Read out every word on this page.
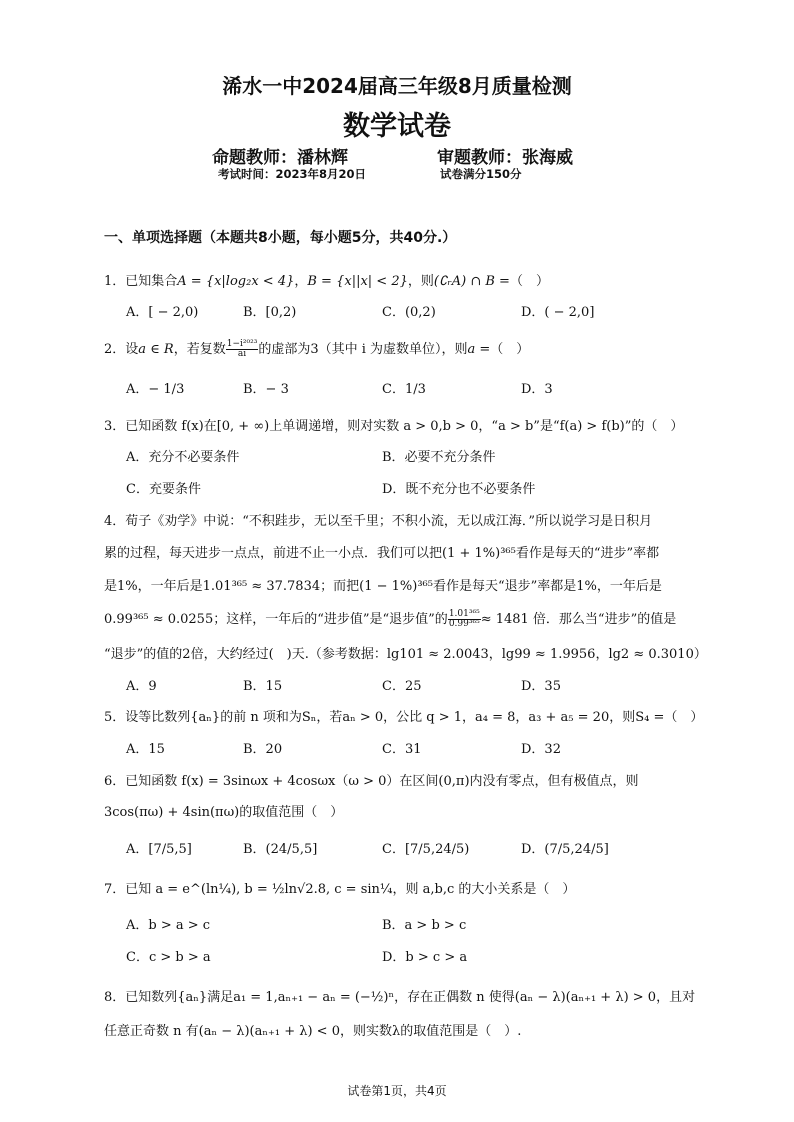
浠水一中2024届高三年级8月质量检测
数学试卷
命题教师：潘林辉	审题教师：张海威
考试时间：2023年8月20日	试卷满分150分
一、单项选择题（本题共8小题，每小题5分，共40分.）
1．已知集合A = {x|log₂x < 4}，B = {x||x| < 2}，则(∁ᵣA) ∩ B =（　）
A．[ − 2,0)	B．[0,2)	C．(0,2)	D．( − 2,0]
2．设a ∈ R，若复数 $\frac{\text{1−i²⁰²³}}{ai}$ 的虚部为3（其中 i 为虚数单位），则a =（　）
A．− 1/3	B．− 3	C．1/3	D．3
3．已知函数 f(x)在[0, + ∞)上单调递增，则对实数 a > 0,b > 0，“a > b”是“f(a) > f(b)”的（　）
A．充分不必要条件	B．必要不充分条件
C．充要条件	D．既不充分也不必要条件
4．荀子《劝学》中说：“不积跬步，无以至千里；不积小流，无以成江海．”所以说学习是日积月
累的过程，每天进步一点点，前进不止一小点．我们可以把(1 + 1%)³⁶⁵看作是每天的“进步”率都
是1%，一年后是1.01³⁶⁵ ≈ 37.7834；而把(1 − 1%)³⁶⁵看作是每天“退步”率都是1%，一年后是
0.99³⁶⁵ ≈ 0.0255；这样，一年后的“进步值”是“退步值”的 $\frac{\text{1.01³⁶⁵}}{\text{0.99³⁶⁵}} \approx 1481$ 倍．那么当“进步”的值是
“退步”的值的2倍，大约经过(　)天.（参考数据：lg101 ≈ 2.0043，lg99 ≈ 1.9956，lg2 ≈ 0.3010）
A．9	B．15	C．25	D．35
5．设等比数列{aₙ}的前 n 项和为Sₙ，若aₙ > 0，公比 q > 1，a₄ = 8，a₃ + a₅ = 20，则S₄ =（　）
A．15	B．20	C．31	D．32
6．已知函数 f(x) = 3sinωx + 4cosωx（ω > 0）在区间(0,π)内没有零点，但有极值点，则
3cos(πω) + 4sin(πω)的取值范围（　）
A．[7/5,5]	B．(24/5,5]	C．[7/5,24/5)	D．(7/5,24/5]
7．已知 a = e^(ln¼), b = ½ln√2.8, c = sin¼，则 a,b,c 的大小关系是（　）
A．b > a > c	B．a > b > c
C．c > b > a	D．b > c > a
8．已知数列{aₙ}满足a₁ = 1,aₙ₊₁ − aₙ = (−½)ⁿ，存在正偶数 n 使得(aₙ − λ)(aₙ₊₁ + λ) > 0，且对
任意正奇数 n 有(aₙ − λ)(aₙ₊₁ + λ) < 0，则实数λ的取值范围是（　）.
试卷第1页，共4页
